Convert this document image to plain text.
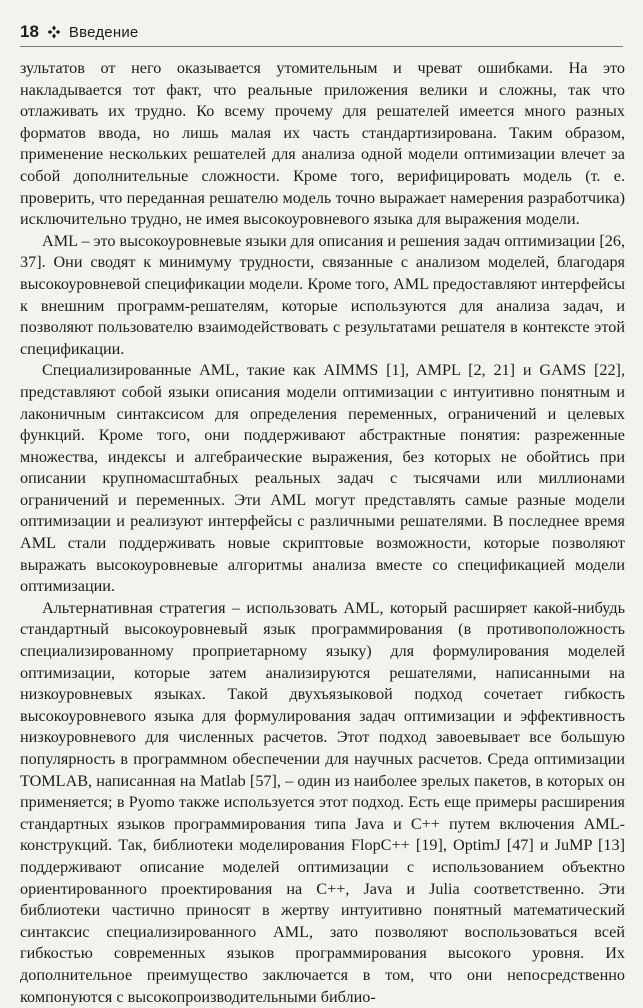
18 Введение

зультатов от него оказывается утомительным и чреват ошибками. На это накладывается тот факт, что реальные приложения велики и сложны, так что отлаживать их трудно. Ко всему прочему для решателей имеется много разных форматов ввода, но лишь малая их часть стандартизирована. Таким образом, применение нескольких решателей для анализа одной модели оптимизации влечет за собой дополнительные сложности. Кроме того, верифицировать модель (т. е. проверить, что переданная решателю модель точно выражает намерения разработчика) исключительно трудно, не имея высокоуровневого языка для выражения модели.

AML – это высокоуровневые языки для описания и решения задач оптимизации [26, 37]. Они сводят к минимуму трудности, связанные с анализом моделей, благодаря высокоуровневой спецификации модели. Кроме того, AML предоставляют интерфейсы к внешним программ-решателям, которые используются для анализа задач, и позволяют пользователю взаимодействовать с результатами решателя в контексте этой спецификации.

Специализированные AML, такие как AIMMS [1], AMPL [2, 21] и GAMS [22], представляют собой языки описания модели оптимизации с интуитивно понятным и лаконичным синтаксисом для определения переменных, ограничений и целевых функций. Кроме того, они поддерживают абстрактные понятия: разреженные множества, индексы и алгебраические выражения, без которых не обойтись при описании крупномасштабных реальных задач с тысячами или миллионами ограничений и переменных. Эти AML могут представлять самые разные модели оптимизации и реализуют интерфейсы с различными решателями. В последнее время AML стали поддерживать новые скриптовые возможности, которые позволяют выражать высокоуровневые алгоритмы анализа вместе со спецификацией модели оптимизации.

Альтернативная стратегия – использовать AML, который расширяет какой-нибудь стандартный высокоуровневый язык программирования (в противоположность специализированному проприетарному языку) для формулирования моделей оптимизации, которые затем анализируются решателями, написанными на низкоуровневых языках. Такой двухъязыковой подход сочетает гибкость высокоуровневого языка для формулирования задач оптимизации и эффективность низкоуровневого для численных расчетов. Этот подход завоевывает все большую популярность в программном обеспечении для научных расчетов. Среда оптимизации TOMLAB, написанная на Matlab [57], – один из наиболее зрелых пакетов, в которых он применяется; в Pyomo также используется этот подход. Есть еще примеры расширения стандартных языков программирования типа Java и C++ путем включения AML-конструкций. Так, библиотеки моделирования FlopC++ [19], OptimJ [47] и JuMP [13] поддерживают описание моделей оптимизации с использованием объектно ориентированного проектирования на C++, Java и Julia соответственно. Эти библиотеки частично приносят в жертву интуитивно понятный математический синтаксис специализированного AML, зато позволяют воспользоваться всей гибкостью современных языков программирования высокого уровня. Их дополнительное преимущество заключается в том, что они непосредственно компонуются с высокопроизводительными библио-
